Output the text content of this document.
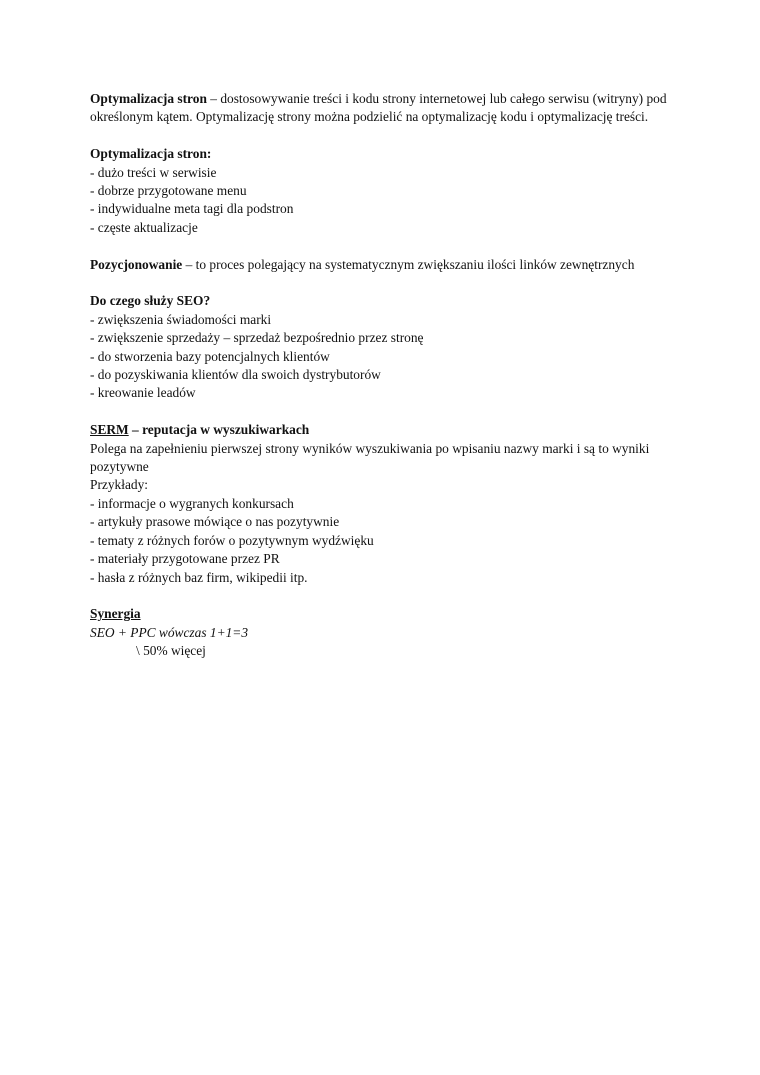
Optymalizacja stron – dostosowywanie treści i kodu strony internetowej lub całego serwisu (witryny) pod określonym kątem. Optymalizację strony można podzielić na optymalizację kodu i optymalizację treści.

Optymalizacja stron:

- dużo treści w serwisie

- dobrze przygotowane menu

- indywidualne meta tagi dla podstron

- częste aktualizacje

Pozycjonowanie – to proces polegający na systematycznym zwiększaniu ilości linków zewnętrznych

Do czego służy SEO?

- zwiększenia świadomości marki

- zwiększenie sprzedaży – sprzedaż bezpośrednio przez stronę

- do stworzenia bazy potencjalnych klientów

- do pozyskiwania klientów dla swoich dystrybutorów

- kreowanie leadów

SERM – reputacja w wyszukiwarkach

Polega na zapełnieniu pierwszej strony wyników wyszukiwania po wpisaniu nazwy marki i są to wyniki pozytywne

Przykłady:

- informacje o wygranych konkursach

- artykuły prasowe mówiące o nas pozytywnie

- tematy z różnych forów o pozytywnym wydźwięku

- materiały przygotowane przez PR

- hasła z różnych baz firm, wikipedii itp.

Synergia

SEO + PPC wówczas 1+1=3

\ 50% więcej
